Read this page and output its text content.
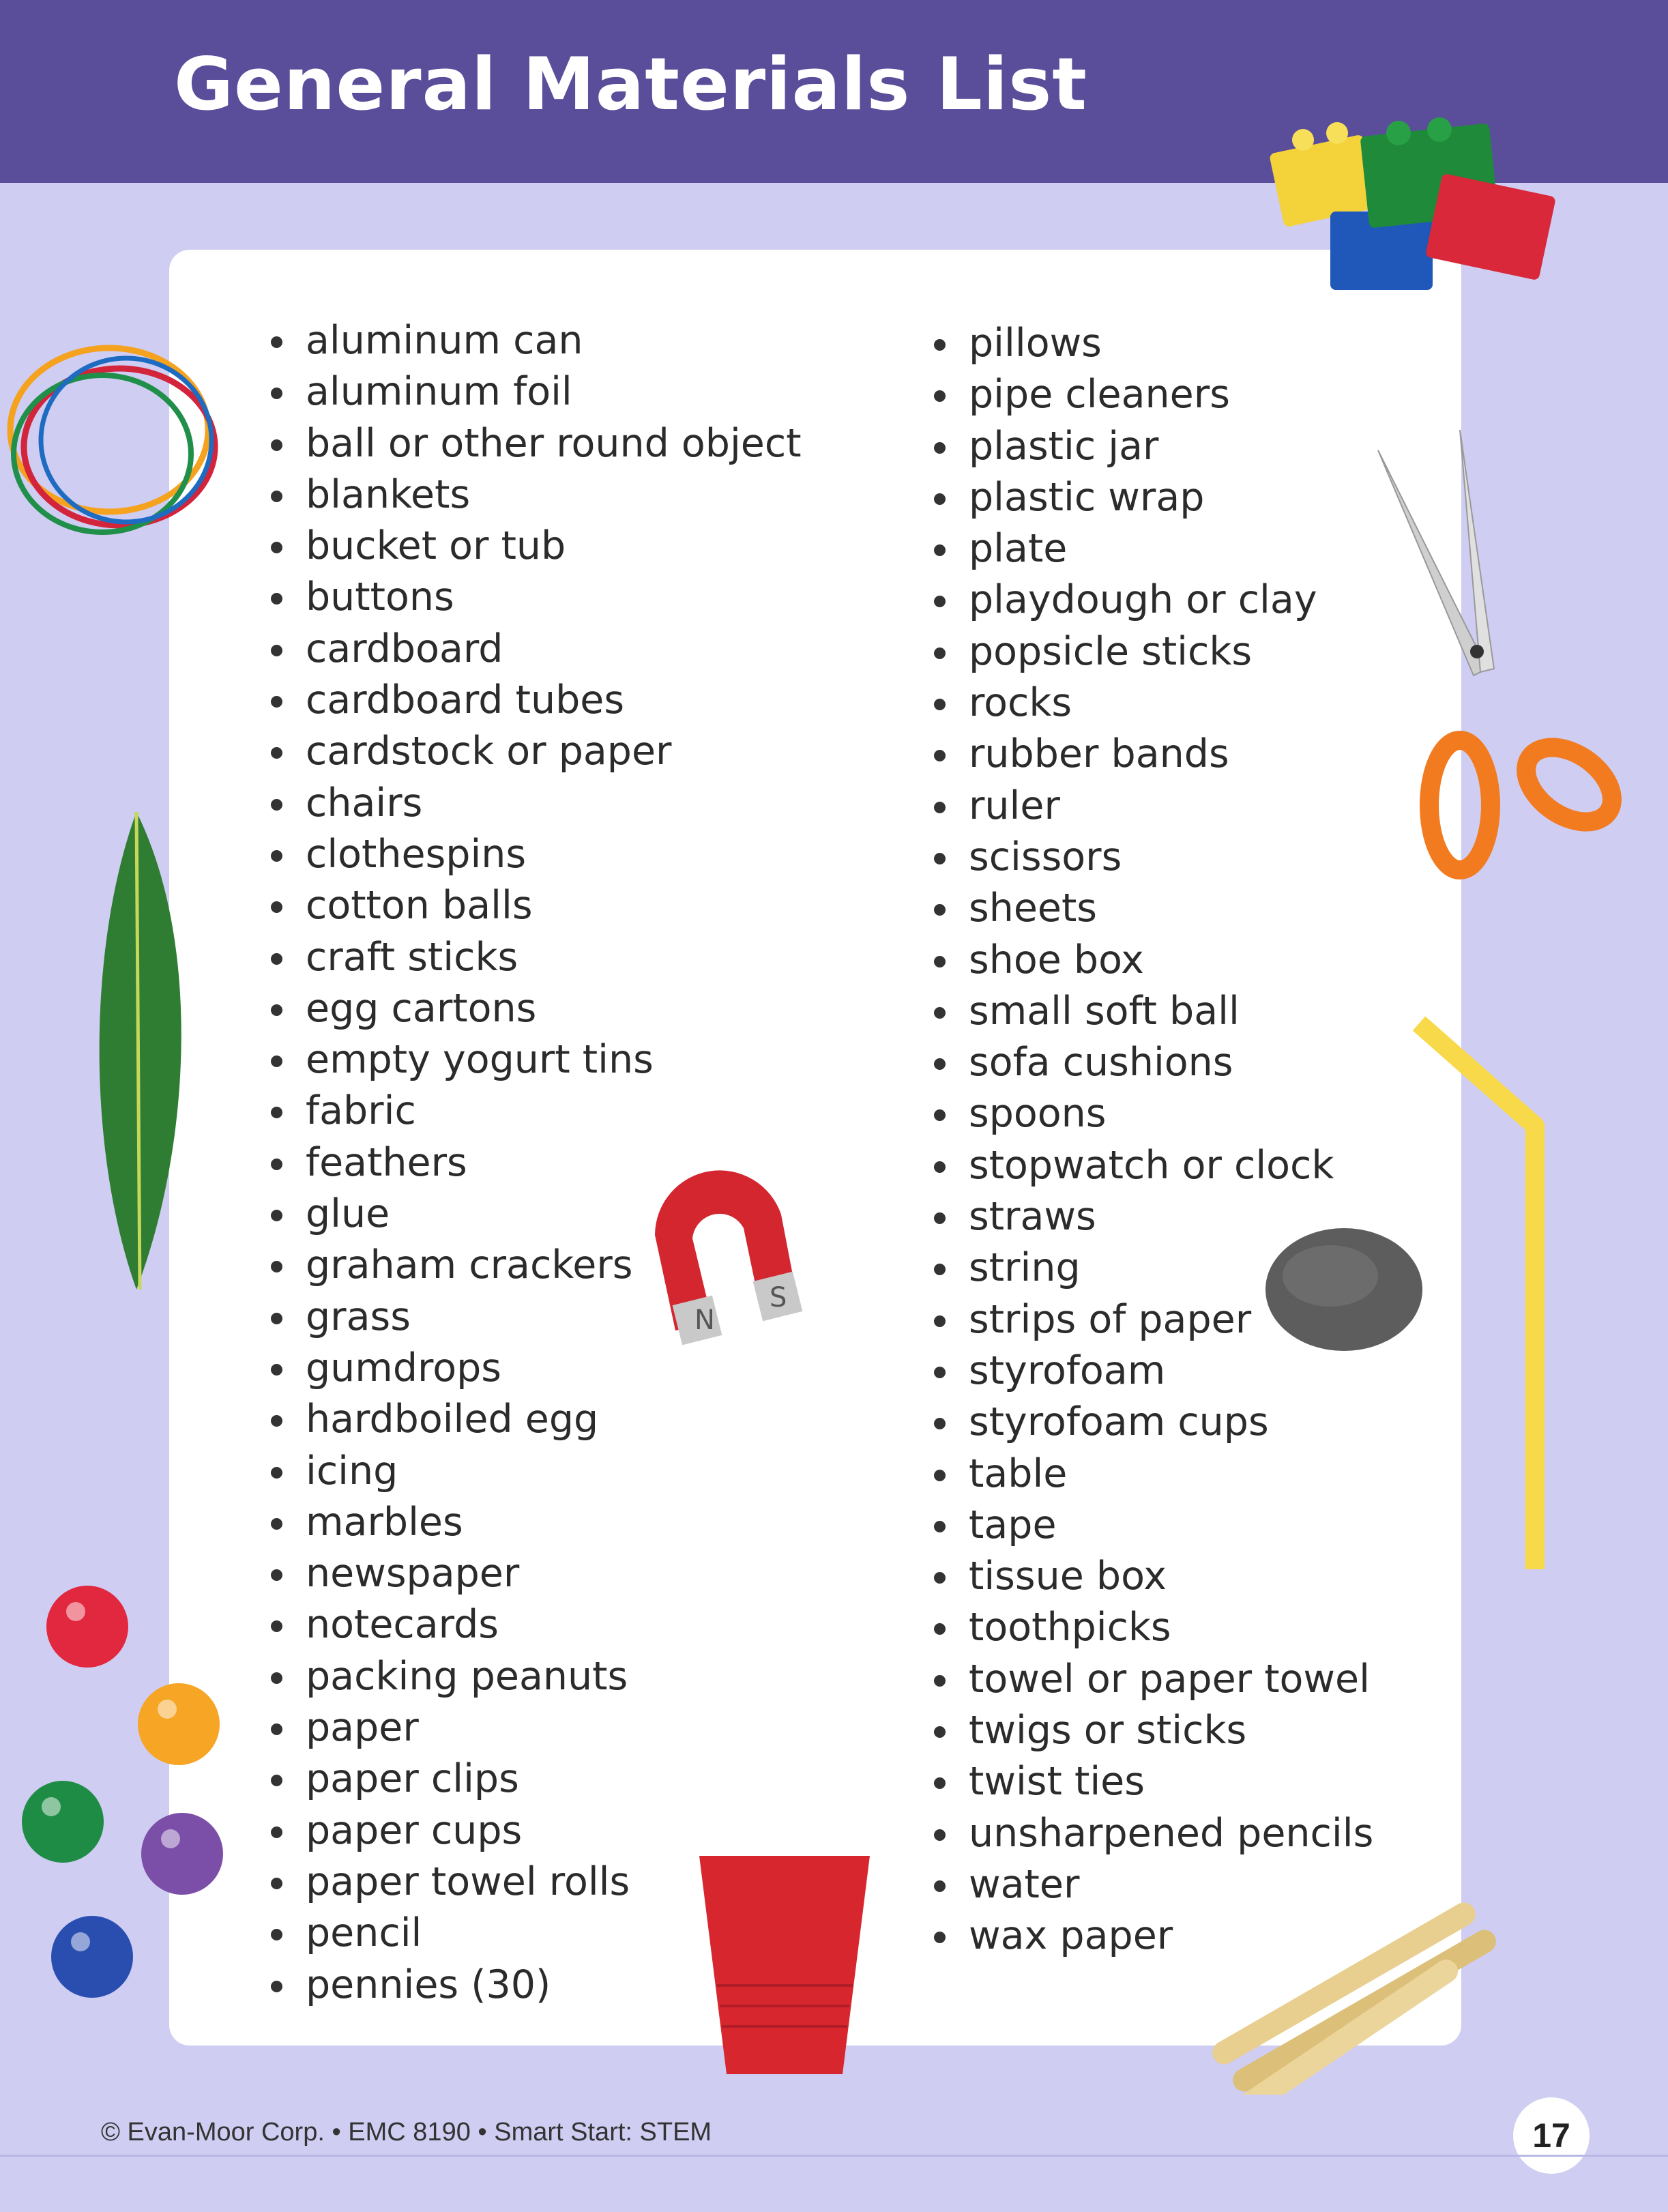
General Materials List
aluminum can
aluminum foil
ball or other round object
blankets
bucket or tub
buttons
cardboard
cardboard tubes
cardstock or paper
chairs
clothespins
cotton balls
craft sticks
egg cartons
empty yogurt tins
fabric
feathers
glue
graham crackers
grass
gumdrops
hardboiled egg
icing
marbles
newspaper
notecards
packing peanuts
paper
paper clips
paper cups
paper towel rolls
pencil
pennies (30)
pillows
pipe cleaners
plastic jar
plastic wrap
plate
playdough or clay
popsicle sticks
rocks
rubber bands
ruler
scissors
sheets
shoe box
small soft ball
sofa cushions
spoons
stopwatch or clock
straws
string
strips of paper
styrofoam
styrofoam cups
table
tape
tissue box
toothpicks
towel or paper towel
twigs or sticks
twist ties
unsharpened pencils
water
wax paper
N
S
© Evan-Moor Corp. • EMC 8190 • Smart Start: STEM	17
